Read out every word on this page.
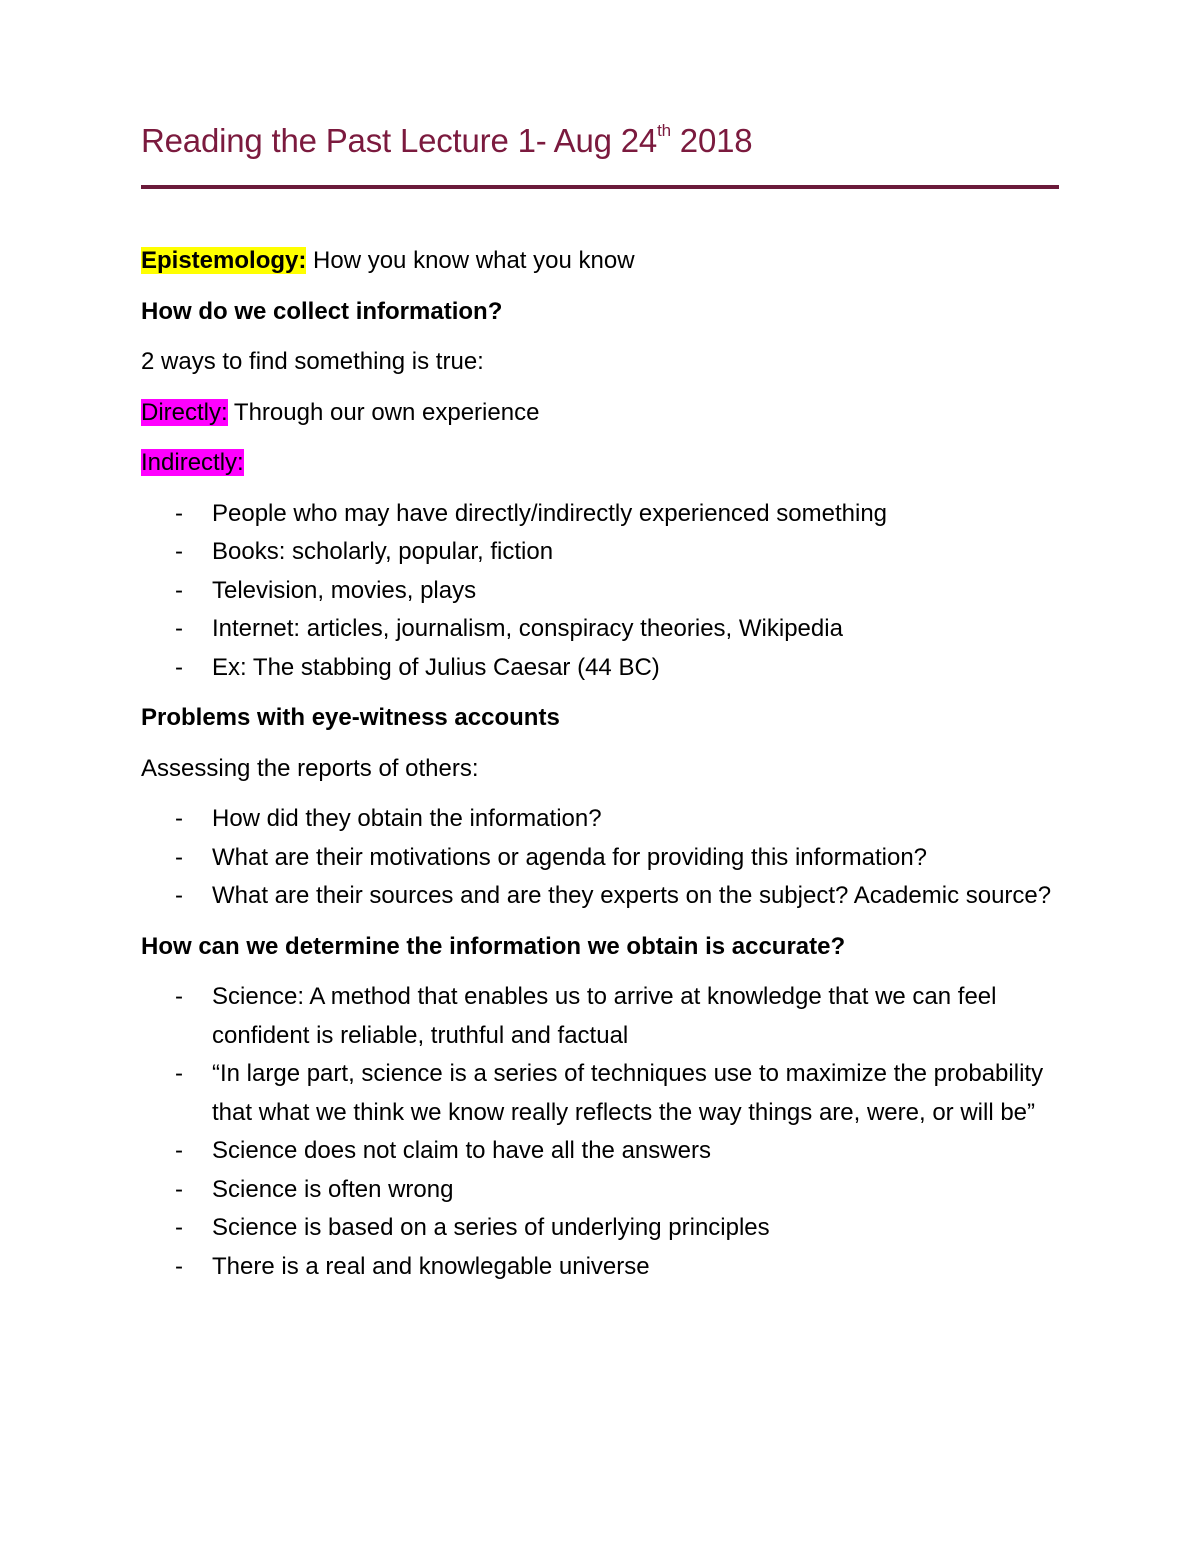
Reading the Past Lecture 1- Aug 24th 2018

Epistemology: How you know what you know

How do we collect information?

2 ways to find something is true:

Directly: Through our own experience

Indirectly:

- People who may have directly/indirectly experienced something
- Books: scholarly, popular, fiction
- Television, movies, plays
- Internet: articles, journalism, conspiracy theories, Wikipedia
- Ex: The stabbing of Julius Caesar (44 BC)

Problems with eye-witness accounts

Assessing the reports of others:

- How did they obtain the information?
- What are their motivations or agenda for providing this information?
- What are their sources and are they experts on the subject? Academic source?

How can we determine the information we obtain is accurate?

- Science: A method that enables us to arrive at knowledge that we can feel confident is reliable, truthful and factual
- “In large part, science is a series of techniques use to maximize the probability that what we think we know really reflects the way things are, were, or will be”
- Science does not claim to have all the answers
- Science is often wrong
- Science is based on a series of underlying principles
- There is a real and knowlegable universe
